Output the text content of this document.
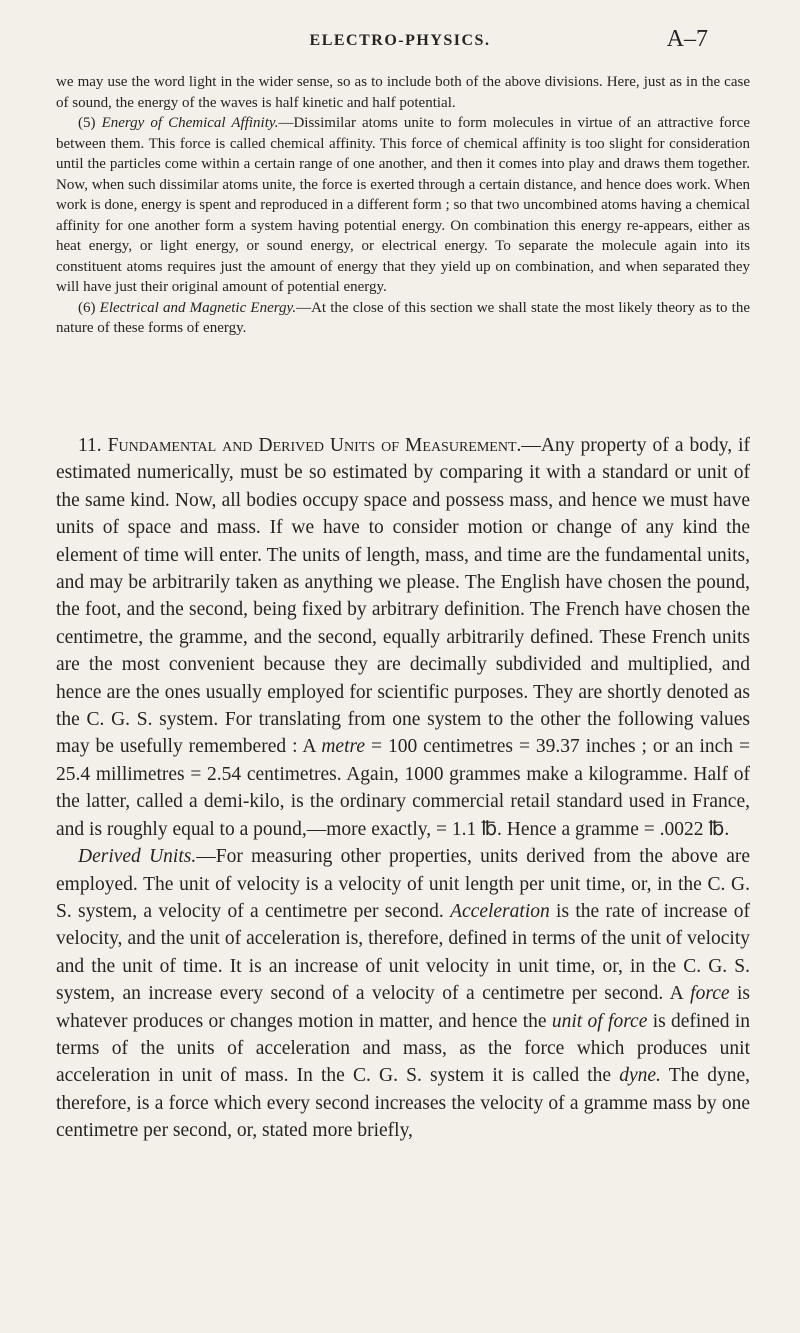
ELECTRO-PHYSICS.	A–7

we may use the word light in the wider sense, so as to include both of the above divisions. Here, just as in the case of sound, the energy of the waves is half kinetic and half potential.

(5) Energy of Chemical Affinity.—Dissimilar atoms unite to form molecules in virtue of an attractive force between them. This force is called chemical affinity. This force of chemical affinity is too slight for consideration until the particles come within a certain range of one another, and then it comes into play and draws them together. Now, when such dissimilar atoms unite, the force is exerted through a certain distance, and hence does work. When work is done, energy is spent and reproduced in a different form ; so that two uncombined atoms having a chemical affinity for one another form a system having potential energy. On combination this energy re-appears, either as heat energy, or light energy, or sound energy, or electrical energy. To separate the molecule again into its constituent atoms requires just the amount of energy that they yield up on combination, and when separated they will have just their original amount of potential energy.

(6) Electrical and Magnetic Energy.—At the close of this section we shall state the most likely theory as to the nature of these forms of energy.

11. Fundamental and Derived Units of Measurement.—Any property of a body, if estimated numerically, must be so estimated by comparing it with a standard or unit of the same kind. Now, all bodies occupy space and possess mass, and hence we must have units of space and mass. If we have to consider motion or change of any kind the element of time will enter. The units of length, mass, and time are the fundamental units, and may be arbitrarily taken as anything we please. The English have chosen the pound, the foot, and the second, being fixed by arbitrary definition. The French have chosen the centimetre, the gramme, and the second, equally arbitrarily defined. These French units are the most convenient because they are decimally subdivided and multiplied, and hence are the ones usually employed for scientific purposes. They are shortly denoted as the C. G. S. system. For translating from one system to the other the following values may be usefully remembered : A metre = 100 centimetres = 39.37 inches ; or an inch = 25.4 millimetres = 2.54 centimetres. Again, 1000 grammes make a kilogramme. Half of the latter, called a demi-kilo, is the ordinary commercial retail standard used in France, and is roughly equal to a pound,—more exactly, = 1.1 ℔. Hence a gramme = .0022 ℔.

Derived Units.—For measuring other properties, units derived from the above are employed. The unit of velocity is a velocity of unit length per unit time, or, in the C. G. S. system, a velocity of a centimetre per second. Acceleration is the rate of increase of velocity, and the unit of acceleration is, therefore, defined in terms of the unit of velocity and the unit of time. It is an increase of unit velocity in unit time, or, in the C. G. S. system, an increase every second of a velocity of a centimetre per second. A force is whatever produces or changes motion in matter, and hence the unit of force is defined in terms of the units of acceleration and mass, as the force which produces unit acceleration in unit of mass. In the C. G. S. system it is called the dyne. The dyne, therefore, is a force which every second increases the velocity of a gramme mass by one centimetre per second, or, stated more briefly,
